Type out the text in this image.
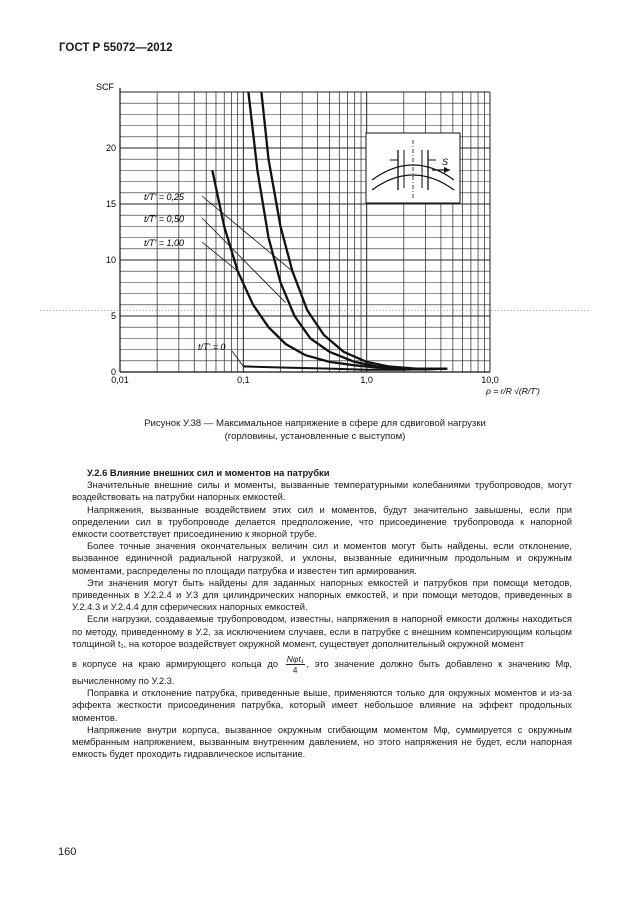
ГОСТ Р 55072—2012
0,01	0,1	1,0	10,0
0
5
10
15
20
SCF
ρ = r/R √(R/T')
t/T' = 0,25
t/T' = 0,50
t/T' = 1,00
t/T' = 0
S
Рисунок У.38 — Максимальное напряжение в сфере для сдвиговой нагрузки
(горловины, установленные с выступом)

У.2.6 Влияние внешних сил и моментов на патрубки

Значительные внешние силы и моменты, вызванные температурными колебаниями трубопроводов, могут воздействовать на патрубки напорных емкостей.

Напряжения, вызванные воздействием этих сил и моментов, будут значительно завышены, если при определении сил в трубопроводе делается предположение, что присоединение трубопровода к напорной емкости соответствует присоединению к якорной трубе.

Более точные значения окончательных величин сил и моментов могут быть найдены, если отклонение, вызванное единичной радиальной нагрузкой, и уклоны, вызванные единичным продольным и окружным моментами, распределены по площади патрубка и известен тип армирования.

Эти значения могут быть найдены для заданных напорных емкостей и патрубков при помощи методов, приведенных в У.2.2.4 и У.3 для цилиндрических напорных емкостей, и при помощи методов, приведенных в У.2.4.3 и У.2.4.4 для сферических напорных емкостей.

Если нагрузки, создаваемые трубопроводом, известны, напряжения в напорной емкости должны находиться по методу, приведенному в У.2, за исключением случаев, если в патрубке с внешним компенсирующим кольцом толщиной t₁, на которое воздействует окружной момент, существует дополнительный окружной момент

в корпусе на краю армирующего кольца до $\frac{\text{Nφt₁}}{4}$ , это значение должно быть добавлено к значению Mφ, вычисленному по У.2.3.

Поправка и отклонение патрубка, приведенные выше, применяются только для окружных моментов и из-за эффекта жесткости присоединения патрубка, который имеет небольшое влияние на эффект продольных моментов.

Напряжение внутри корпуса, вызванное окружным сгибающим моментом Mφ, суммируется с окружным мембранным напряжением, вызванным внутренним давлением, но этого напряжения не будет, если напорная емкость будет проходить гидравлическое испытание.

160
